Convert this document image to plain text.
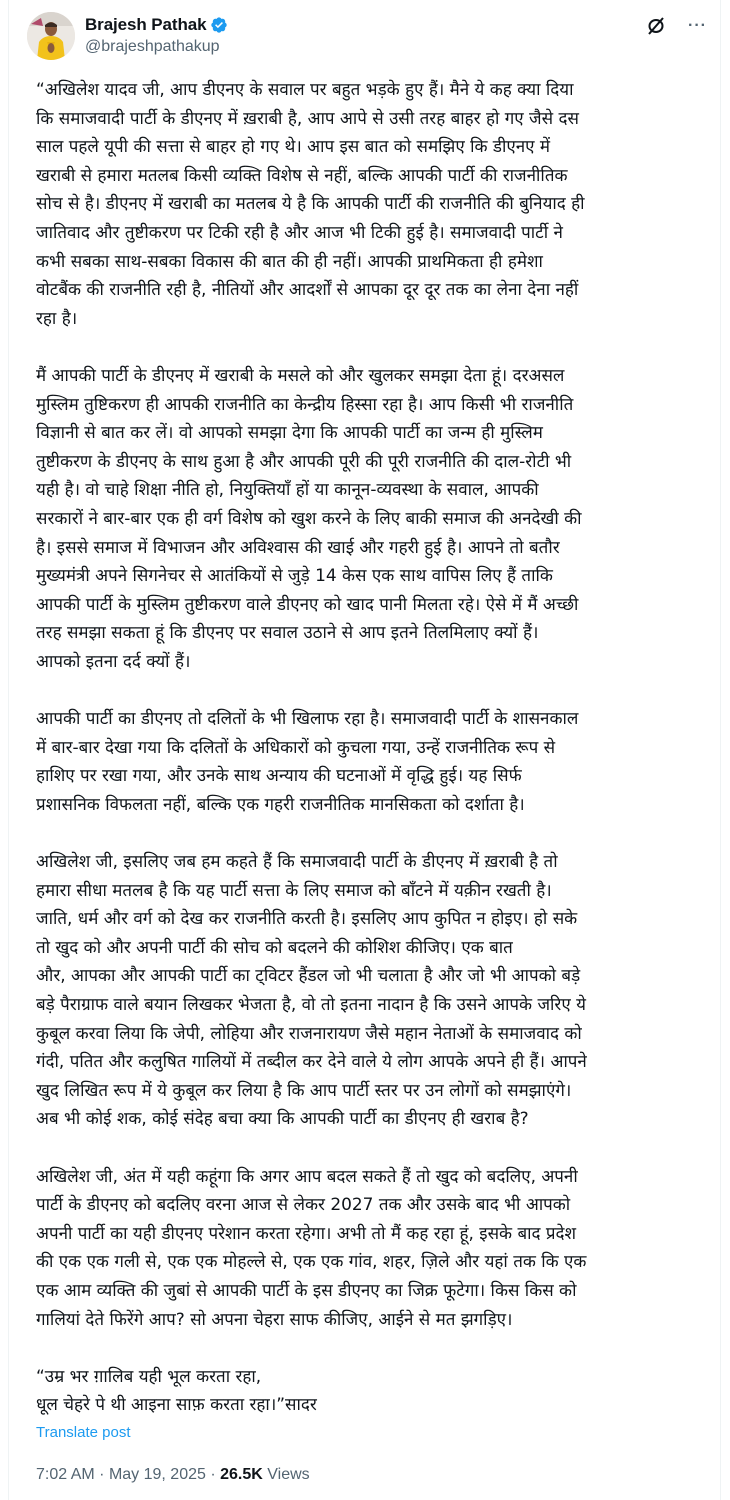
Brajesh Pathak
@brajeshpathakup
···
“अखिलेश यादव जी, आप डीएनए के सवाल पर बहुत भड़के हुए हैं। मैने ये कह क्या दियाकि समाजवादी पार्टी के डीएनए में ख़राबी है, आप आपे से उसी तरह बाहर हो गए जैसे दससाल पहले यूपी की सत्ता से बाहर हो गए थे। आप इस बात को समझिए कि डीएनए मेंखराबी से हमारा मतलब किसी व्यक्ति विशेष से नहीं, बल्कि आपकी पार्टी की राजनीतिकसोच से है। डीएनए में खराबी का मतलब ये है कि आपकी पार्टी की राजनीति की बुनियाद हीजातिवाद और तुष्टीकरण पर टिकी रही है और आज भी टिकी हुई है। समाजवादी पार्टी नेकभी सबका साथ-सबका विकास की बात की ही नहीं। आपकी प्राथमिकता ही हमेशावोटबैंक की राजनीति रही है, नीतियों और आदर्शों से आपका दूर दूर तक का लेना देना नहींरहा है।
मैं आपकी पार्टी के डीएनए में खराबी के मसले को और खुलकर समझा देता हूं। दरअसलमुस्लिम तुष्टिकरण ही आपकी राजनीति का केन्द्रीय हिस्सा रहा है। आप किसी भी राजनीतिविज्ञानी से बात कर लें। वो आपको समझा देगा कि आपकी पार्टी का जन्म ही मुस्लिमतुष्टीकरण के डीएनए के साथ हुआ है और आपकी पूरी की पूरी राजनीति की दाल-रोटी भीयही है। वो चाहे शिक्षा नीति हो, नियुक्तियाँ हों या कानून-व्यवस्था के सवाल, आपकीसरकारों ने बार-बार एक ही वर्ग विशेष को खुश करने के लिए बाकी समाज की अनदेखी कीहै। इससे समाज में विभाजन और अविश्वास की खाई और गहरी हुई है। आपने तो बतौरमुख्यमंत्री अपने सिगनेचर से आतंकियों से जुड़े 14 केस एक साथ वापिस लिए हैं ताकिआपकी पार्टी के मुस्लिम तुष्टीकरण वाले डीएनए को खाद पानी मिलता रहे। ऐसे में मैं अच्छीतरह समझा सकता हूं कि डीएनए पर सवाल उठाने से आप इतने तिलमिलाए क्यों हैं।आपको इतना दर्द क्यों हैं।
आपकी पार्टी का डीएनए तो दलितों के भी खिलाफ रहा है। समाजवादी पार्टी के शासनकालमें बार-बार देखा गया कि दलितों के अधिकारों को कुचला गया, उन्हें राजनीतिक रूप सेहाशिए पर रखा गया, और उनके साथ अन्याय की घटनाओं में वृद्धि हुई। यह सिर्फप्रशासनिक विफलता नहीं, बल्कि एक गहरी राजनीतिक मानसिकता को दर्शाता है।
अखिलेश जी, इसलिए जब हम कहते हैं कि समाजवादी पार्टी के डीएनए में ख़राबी है तोहमारा सीधा मतलब है कि यह पार्टी सत्ता के लिए समाज को बाँटने में यक़ीन रखती है।जाति, धर्म और वर्ग को देख कर राजनीति करती है। इसलिए आप कुपित न होइए। हो सकेतो खुद को और अपनी पार्टी की सोच को बदलने की कोशिश कीजिए। एक बातऔर, आपका और आपकी पार्टी का ट्विटर हैंडल जो भी चलाता है और जो भी आपको बड़ेबड़े पैराग्राफ वाले बयान लिखकर भेजता है, वो तो इतना नादान है कि उसने आपके जरिए येकुबूल करवा लिया कि जेपी, लोहिया और राजनारायण जैसे महान नेताओं के समाजवाद कोगंदी, पतित और कलुषित गालियों में तब्दील कर देने वाले ये लोग आपके अपने ही हैं। आपनेखुद लिखित रूप में ये कुबूल कर लिया है कि आप पार्टी स्तर पर उन लोगों को समझाएंगे।अब भी कोई शक, कोई संदेह बचा क्या कि आपकी पार्टी का डीएनए ही खराब है?
अखिलेश जी, अंत में यही कहूंगा कि अगर आप बदल सकते हैं तो खुद को बदलिए, अपनीपार्टी के डीएनए को बदलिए वरना आज से लेकर 2027 तक और उसके बाद भी आपकोअपनी पार्टी का यही डीएनए परेशान करता रहेगा। अभी तो मैं कह रहा हूं, इसके बाद प्रदेशकी एक एक गली से, एक एक मोहल्ले से, एक एक गांव, शहर, ज़िले और यहां तक कि एकएक आम व्यक्ति की जुबां से आपकी पार्टी के इस डीएनए का जिक्र फूटेगा। किस किस कोगालियां देते फिरेंगे आप? सो अपना चेहरा साफ कीजिए, आईने से मत झगड़िए।
“उम्र भर ग़ालिब यही भूल करता रहा,धूल चेहरे पे थी आइना साफ़ करता रहा।”सादर
Translate post
7:02 AM · May 19, 2025 · 26.5K Views
